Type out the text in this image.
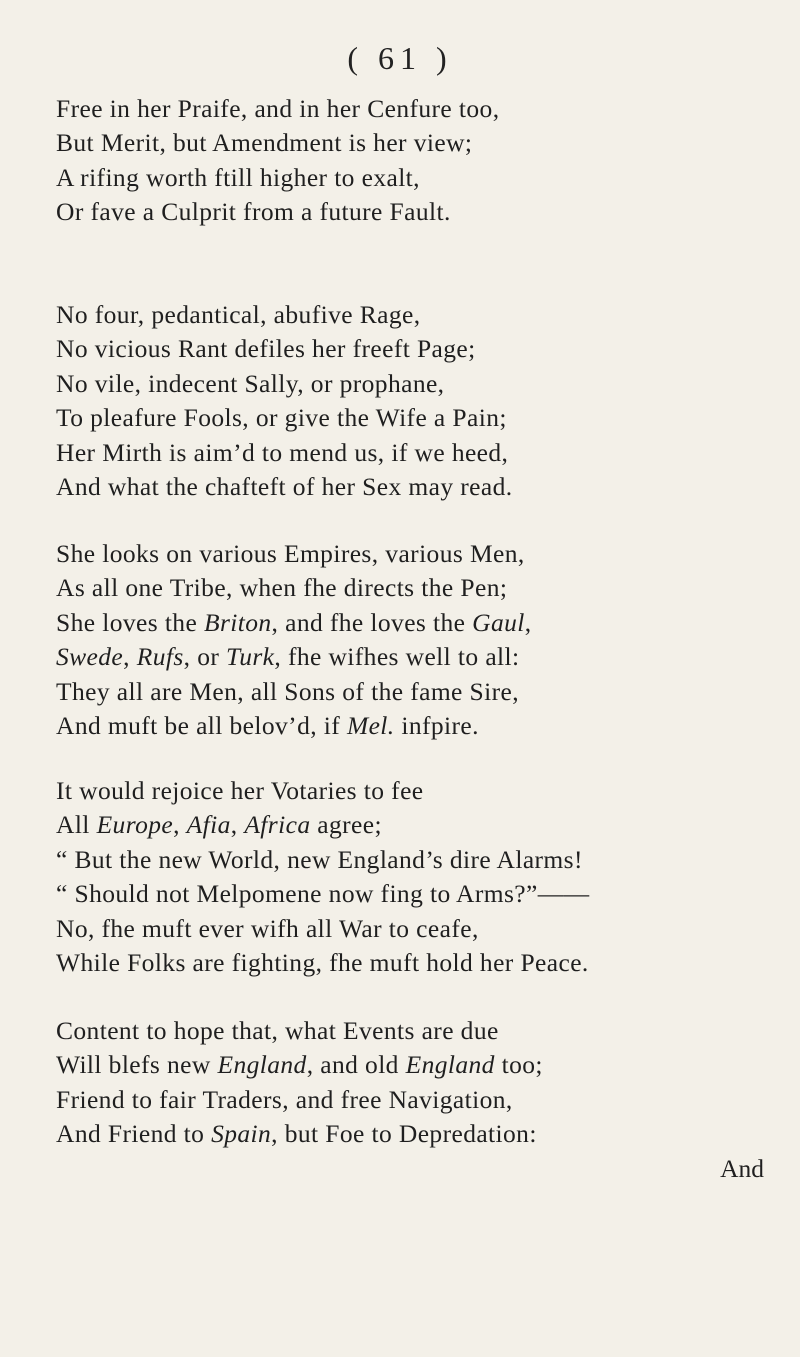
( 61 )
Free in her Praife, and in her Cenfure too,
But Merit, but Amendment is her view;
A rifing worth ftill higher to exalt,
Or fave a Culprit from a future Fault.
No four, pedantical, abufive Rage,
No vicious Rant defiles her freeft Page;
No vile, indecent Sally, or prophane,
To pleafure Fools, or give the Wife a Pain;
Her Mirth is aim’d to mend us, if we heed,
And what the chafteft of her Sex may read.
She looks on various Empires, various Men,
As all one Tribe, when fhe directs the Pen;
She loves the Briton, and fhe loves the Gaul,
Swede, Rufs, or Turk, fhe wifhes well to all:
They all are Men, all Sons of the fame Sire,
And muft be all belov’d, if Mel. infpire.
It would rejoice her Votaries to fee
All Europe, Afia, Africa agree;
“ But the new World, new England’s dire Alarms!
“ Should not Melpomene now fing to Arms?”——
No, fhe muft ever wifh all War to ceafe,
While Folks are fighting, fhe muft hold her Peace.
Content to hope that, what Events are due
Will blefs new England, and old England too;
Friend to fair Traders, and free Navigation,
And Friend to Spain, but Foe to Depredation:
And
